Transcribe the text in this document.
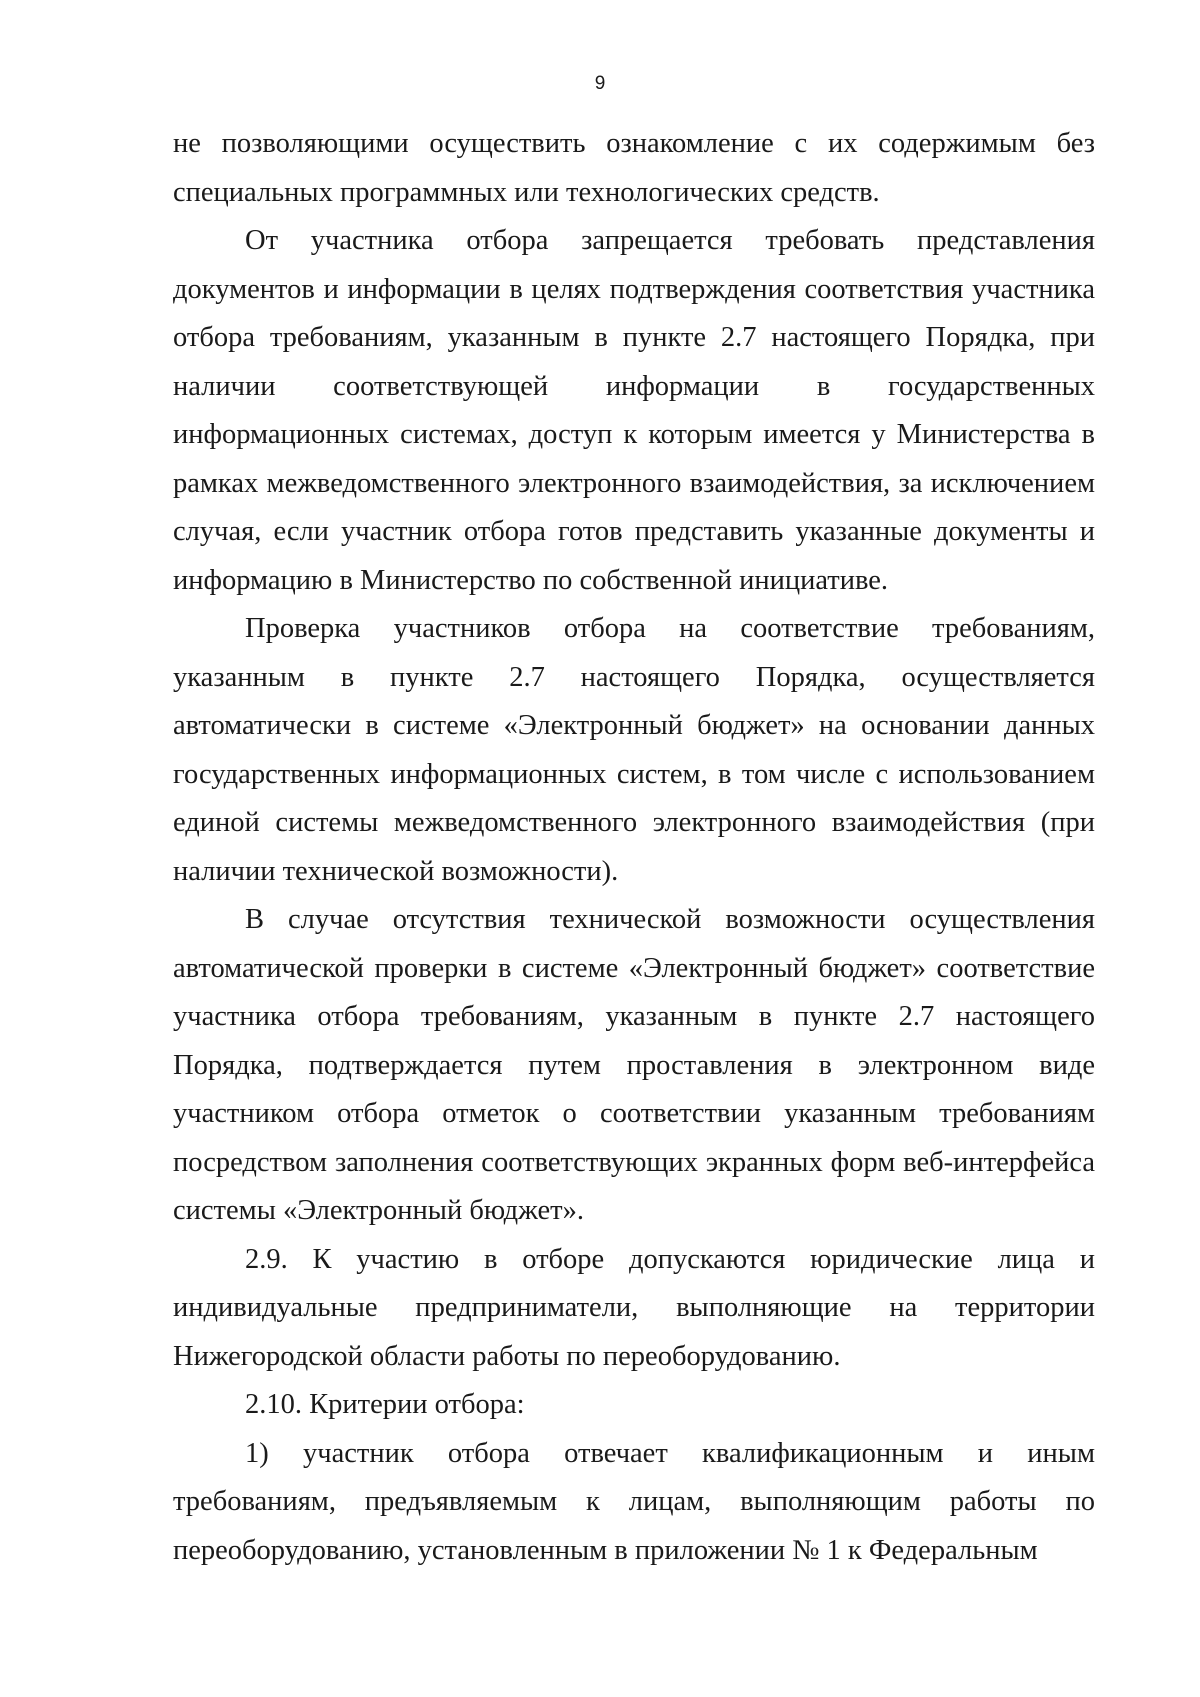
9

не позволяющими осуществить ознакомление с их содержимым без специальных программных или технологических средств.

От участника отбора запрещается требовать представления документов и информации в целях подтверждения соответствия участника отбора требованиям, указанным в пункте 2.7 настоящего Порядка, при наличии соответствующей информации в государственных информационных системах, доступ к которым имеется у Министерства в рамках межведомственного электронного взаимодействия, за исключением случая, если участник отбора готов представить указанные документы и информацию в Министерство по собственной инициативе.

Проверка участников отбора на соответствие требованиям, указанным в пункте 2.7 настоящего Порядка, осуществляется автоматически в системе «Электронный бюджет» на основании данных государственных информационных систем, в том числе с использованием единой системы межведомственного электронного взаимодействия (при наличии технической возможности).

В случае отсутствия технической возможности осуществления автоматической проверки в системе «Электронный бюджет» соответствие участника отбора требованиям, указанным в пункте 2.7 настоящего Порядка, подтверждается путем проставления в электронном виде участником отбора отметок о соответствии указанным требованиям посредством заполнения соответствующих экранных форм веб-интерфейса системы «Электронный бюджет».

2.9. К участию в отборе допускаются юридические лица и индивидуальные предприниматели, выполняющие на территории Нижегородской области работы по переоборудованию.

2.10. Критерии отбора:

1) участник отбора отвечает квалификационным и иным требованиям, предъявляемым к лицам, выполняющим работы по переоборудованию, установленным в приложении № 1 к Федеральным
